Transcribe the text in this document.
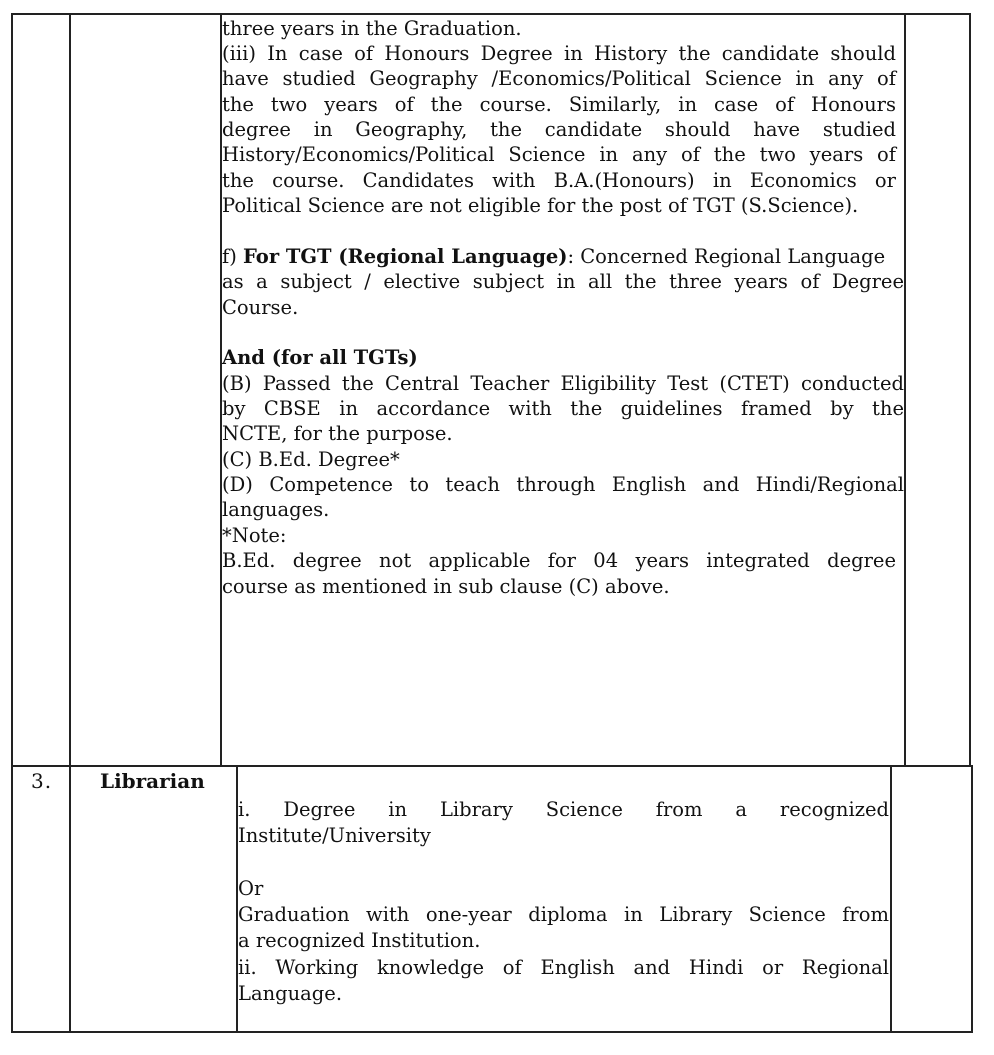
three years in the Graduation.
(iii) In case of Honours Degree in History the candidate should
have studied Geography /Economics/Political Science in any of
the two years of the course. Similarly, in case of Honours
degree in Geography, the candidate should have studied
History/Economics/Political Science in any of the two years of
the course. Candidates with B.A.(Honours) in Economics or
Political Science are not eligible for the post of TGT (S.Science).
f) For TGT (Regional Language): Concerned Regional Language
as a subject / elective subject in all the three years of Degree
Course.
And (for all TGTs)
(B) Passed the Central Teacher Eligibility Test (CTET) conducted
by CBSE in accordance with the guidelines framed by the
NCTE, for the purpose.
(C) B.Ed. Degree*
(D) Competence to teach through English and Hindi/Regional
languages.
*Note:
B.Ed. degree not applicable for 04 years integrated degree
course as mentioned in sub clause (C) above.
3. Librarian
i. Degree in Library Science from a recognized
Institute/University
Or
Graduation with one-year diploma in Library Science from
a recognized Institution.
ii. Working knowledge of English and Hindi or Regional
Language.
